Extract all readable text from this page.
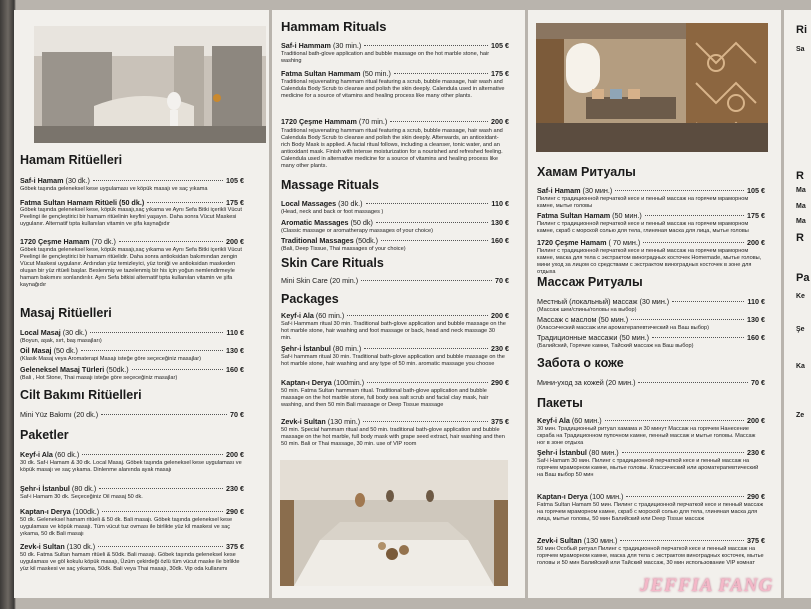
Hamam Ritüelleri
Saf-i Hamam
(30 dk.)	105 €
Göbek taşında geleneksel kese uygulaması ve köpük masajı ve saç yıkama
Fatma Sultan Hamam Ritüeli (50 dk.)	175 €
Göbek taşında geleneksel kese, köpük masajı,saç yıkama ve Aynı Sefa Bitki içerikli Vücut Peelingi ile gençleştirici bir hamam ritüelinin keyfini yaşayın. Daha sonra Vücut Maskesi uygulanır. Alternatif tıpta kullanılan vitamin ve şifa kaynağıdır
1720 Çeşme Hamam
(70 dk.)	200 €
Göbek taşında geleneksel kese, köpük masajı,saç yıkama ve Aynı Sefa Bitki içerikli Vücut Peelingi ile gençleştirici bir hamam ritüelidir. Daha sonra antioksidan bakımından zengin Vücut Maskesi uygulanır. Ardından yüz temizleyici, yüz toniği ve antioksidan maskeden oluşan bir yüz ritüeli başlar. Beslenmiş ve tazelenmiş bir his için yoğun nemlendirmeyle hamam bakımını sonlandırılır. Aynı Sefa bitkisi alternatif tıpta kullanılan vitamin ve şifa kaynağıdır
Masaj Ritüelleri
Local Masaj
(30 dk.)	110 €
(Boyun, aşak, sırt, baş masajları)
Oil Masaj
(50 dk.)	130 €
(Klasik Masaj veya Aromaterapi Masajı isteğe göre seçeceğiniz masajlar)
Geleneksel Masaj Türleri
(50dk.)	160 €
(Bali , Hot Stone, Thai masajı isteğe göre seçeceğiniz masajlar)
Cilt Bakımı Ritüelleri
Mini Yüz Bakımı
(20 dk.)	70 €
Paketler
Keyf-i Ala
(60 dk.)	200 €
30 dk. Saf-i Hamam & 30 dk. Local Masaj. Göbek taşında geleneksel kese uygulaması ve köpük masajı ve saç yıkama. Dinlenme alanında ayak masajı
Şehr-i İstanbul
(80 dk.)	230 €
Saf-i Hamam 30 dk. Seçeceğiniz Oil masaj 50 dk.
Kaptan-ı Derya
(100dk.)	290 €
50 dk. Geleneksel hamam ritüeli & 50 dk. Bali masajı. Göbek taşında geleneksel kese uygulaması ve köpük masajı. Tüm vücut tuz ovması ile birlikte yüz kil maskesi ve saç yıkama, 50 dk Bali masajı
Zevk-i Sultan
(130 dk.)	375 €
50 dk. Fatma Sultan hamam ritüeli & 50dk. Bali masajı. Göbek taşında geleneksel kese uygulaması ve göl kokulu köpük masajı, Üzüm çekirdeği özlü tüm vücut maske ile birlikte yüz kil maskesi ve saç yıkama, 50dk. Bali veya Thai masajı, 30dk. Vip oda kullanımı
Hammam Rituals
Saf-i Hammam
(30 min.)	105 €
Traditional bath-glove application and bubble massage on the hot marble stone, hair washing
Fatma Sultan Hammam
(50 min.)	175 €
Traditional rejuvenating hammam ritual featuring a scrub, bubble massage, hair wash and Calendula Body Scrub to cleanse and polish the skin deeply. Calendula used in alternative medicine for a source of vitamins and healing process like many other plants.
1720 Çeşme Hammam
(70 min.)	200 €
Traditional rejuvenating hammam ritual featuring a scrub, bubble massage, hair wash and Calendula Body Scrub to cleanse and polish the skin deeply. Afterwards, an antioxidant-rich Body Mask is applied. A facial ritual follows, including a cleanser, tonic water, and an antioxidant mask. Finish with intense moisturization for a nourished and refreshed feeling. Calendula used in alternative medicine for a source of vitamins and healing process like many other plants.
Massage Rituals
Local Massages
(30 dk.)	110 €
(Head, neck and back or foot massages )
Aromatic Massages
(50 dk)	130 €
(Classic massage or aromatherapy massages of your choice)
Traditional Massages
(50dk.)	160 €
(Bali, Deep Tissue, Thai massages of your choice)
Skin Care Rituals
Mini Skin Care
(20 min.)	70 €
Packages
Keyf-i Ala
(60 min.)	200 €
Saf-i Hammam ritual 30 min. Traditional bath-glove application and bubble massage on the hot marble stone, hair washing and foot massage or back, head and neck massage 30 min.
Şehr-i İstanbul
(80 min.)	230 €
Saf-i hammam ritual 30 min. Traditional bath-glove application and bubble massage on the hot marble stone, hair washing and any type of 50 min. aromatic massage you choose
Kaptan-ı Derya
(100min.)	290 €
50 min. Fatma Sultan hammam ritual. Traditional bath-glove application and bubble massage on the hot marble stone, full body sea salt scrub and facial clay mask, hair washing, and then 50 min Bali massage or Deep Tissue massage
Zevk-i Sultan
(130 min.)	375 €
50 min. Special hammam ritual and 50 min. traditional bath-glove application and bubble massage on the hot marble, full body mask with grape seed extract, hair washing and then 50 min. Bali or Thai massage, 30 min. use of VIP room
Хамам Ритуалы
Saf-i Hamam
(30 мин.)	105 €
Пилинг с традиционной перчаткой кесе и пенный массаж на горячем мраморном камне, мытье головы
Fatma Sultan Hamam
(50 мин.)	175 €
Пилинг с традиционной перчаткой кесе и пенный массаж на горячем мраморном камне, скраб с морской солью для тела, глиняная маска для лица, мытье головы
1720 Çeşme Hamam
( 70 мин.)	200 €
Пилинг с традиционной перчаткой кесе и пенный массаж на горячем мраморном камне, маска для тела с экстрактом виноградных косточек Homemade, мытье головы, мини уход за лицом со средствами с экстрактом виноградных косточек в зоне для отдыха
Массаж Ритуалы
Местный (локальный) массаж
(30 мин.)	110 €
(Массаж шеи/спины/головы на выбор)
Массаж с маслом
(50 мин.)	130 €
(Классический массаж или ароматерапевтический на Ваш выбор)
Традиционные массажи
(50 мин.)	160 €
(Балийский, Горячие камни, Тайский массаж на Ваш выбор)
Забота о коже
Мини-уход за кожей
(20 мин.)	70 €
Пакеты
Keyf-i Ala
(60 мин.)	200 €
30 мин. Традиционный ритуал хамама и 30 минут Массаж на горячем Нанесение скраба на Традиционном пупочном камне, пенный массаж и мытье головы. Массаж ног в зоне отдыха
Şehr-i İstanbul
(80 мин.)	230 €
Saf-i Hamam 30 мин. Пилинг с традиционной перчаткой кесе и пенный массаж на горячем мраморном камне, мытье головы. Классический или ароматерапевтический на Ваш выбор 50 мин
Kaptan-ı Derya
(100 мин.)	290 €
Fatma Sultan Hamam 50 мин. Пилинг с традиционной перчаткой кесе и пенный массаж на горячем мраморном камне, скраб с морской солью для тела, глиняная маска для лица, мытье головы, 50 мин Балийский или Deep Tissue массаж
Zevk-i Sultan
(130 мин.)	375 €
50 мин Особый ритуал Пилинг с традиционной перчаткой кесе и пенный массаж на горячем мраморном камне, маска для тела с экстрактом виноградных косточек, мытье головы и 50 мин Балийский или Тайский массаж, 30 мин использование VIP комнат
Ri
Sa
R
Ma
Ma
Ma
R
Pa
Ke
Şe
Ka
Ze
JEFFIA FANG
